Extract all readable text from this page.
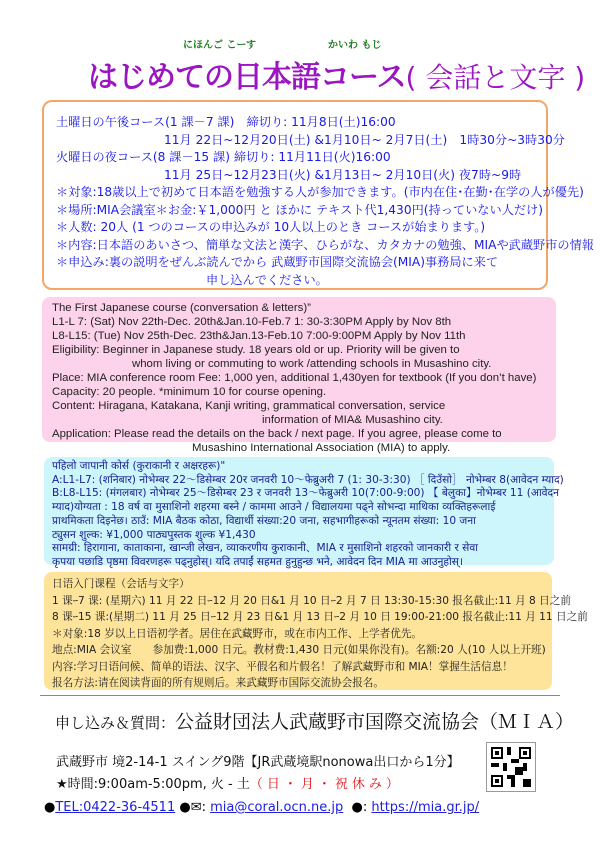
にほんご こーす	かいわ もじ
はじめての日本語コース( 会話と文字 )
土曜日の午後コース(1 課－7 課)　締切り: 11月8日(土)16:00
11月 22日~12月20日(土) &1月10日~ 2月7日(土)　1時30分~3時30分
火曜日の夜コース(8 課－15 課) 締切り: 11月11日(火)16:00
11月 25日~12月23日(火) &1月13日~ 2月10日(火) 夜7時~9時
＊対象:18歳以上で初めて日本語を勉強する人が参加できます。(市内在住･在勤･在学の人が優先)
＊場所:MIA会議室＊お金:￥1,000円 と ほかに テキスト代1,430円(持っていない人だけ)
＊人数: 20人 (1 つのコースの申込みが 10人以上のとき コースが始まります。)
＊内容:日本語のあいさつ、簡単な文法と漢字、ひらがな、カタカナの勉強、MIAや武蔵野市の情報
＊申込み:裏の説明をぜんぶ読んでから 武蔵野市国際交流協会(MIA)事務局に来て
申し込んでください。
The First Japanese course (conversation & letters)”
L1-L 7: (Sat) Nov 22th-Dec. 20th&Jan.10-Feb.7 1: 30-3:30PM Apply by Nov 8th
L8-L15: (Tue) Nov 25th-Dec. 23th&Jan.13-Feb.10 7:00-9:00PM Apply by Nov 11th
Eligibility: Beginner in Japanese study. 18 years old or up. Priority will be given to
whom living or commuting to work /attending schools in Musashino city.
Place: MIA conference room Fee: 1,000 yen, additional 1,430yen for textbook (If you don’t have)
Capacity: 20 people. *minimum 10 for course opening.
Content: Hiragana, Katakana, Kanji writing, grammatical conversation, service
information of MIA& Musashino city.
Application: Please read the details on the back / next page. If you agree, please come to
Musashino International Association (MIA) to apply.
पहिलो जापानी कोर्स (कुराकानी र अक्षरहरू)"
A:L1-L7: (शनिबार) नोभेम्बर 22～डिसेम्बर 20र जनवरी 10～फेब्रुअरी 7 (1: 30-3:30) ［ दिउँसो］ नोभेम्बर 8(आवेदन म्याद)
B:L8-L15: (मंगलबार) नोभेम्बर 25～डिसेम्बर 23 र जनवरी 13～फेब्रुअरी 10(7:00-9:00) 【 बेलुका】नोभेम्बर 11 (आवेदन
म्याद)योग्यता : 18 वर्ष वा मुसाशिनो शहरमा बस्ने / काममा आउने / विद्यालयमा पढ्ने सोभन्दा माथिका व्यक्तिहरूलाई
प्राथमिकता दिइनेछ। ठाउँ: MIA बैठक कोठा, विद्यार्थी संख्या:20 जना, सहभागीहरूको न्यूनतम संख्या: 10 जना
ट्युसन शुल्क: ¥1,000 पाठ्यपुस्तक शुल्क ¥1,430
सामग्री: हिरागाना, काताकाना, खान्जी लेखन, व्याकरणीय कुराकानी、MIA र मुसाशिनो शहरको जानकारी र सेवा
कृपया पछाडि पृष्ठमा विवरणहरू पढ्नुहोस्। यदि तपाईं सहमत हुनुहुन्छ भने, आवेदन दिन MIA मा आउनुहोस्।
日语入门课程（会话与文字）
1 课ｰ7 课: (星期六) 11 月 22 日ｰ12 月 20 日&1 月 10 日ｰ2 月 7 日 13:30-15:30 报名截止:11 月 8 日之前
8 课ｰ15 课:(星期二) 11 月 25 日ｰ12 月 23 日&1 月 13 日ｰ2 月 10 日 19:00-21:00 报名截止:11 月 11 日之前
＊对象:18 岁以上日语初学者。居住在武藏野市，或在市内工作、上学者优先。
地点:MIA 会议室　　参加费:1,000 日元。教材费:1,430 日元(如果你没有)。名额:20 人(10 人以上开班)
内容:学习日语问候、简单的语法、汉字、平假名和片假名！了解武藏野市和 MIA！掌握生活信息！
报名方法:请在阅读背面的所有规则后。来武藏野市国际交流协会报名。
申し込み＆質問：公益財団法人武蔵野市国際交流協会（ＭＩＡ）
武蔵野市 境2-14-1 スイング9階【JR武蔵境駅nonowa出口から1分】
★時間:9:00am-5:00pm, 火 - 土（日・月・祝休み）
●TEL:0422-36-4511 ●✉: mia@coral.ocn.ne.jp ●: https://mia.gr.jp/
